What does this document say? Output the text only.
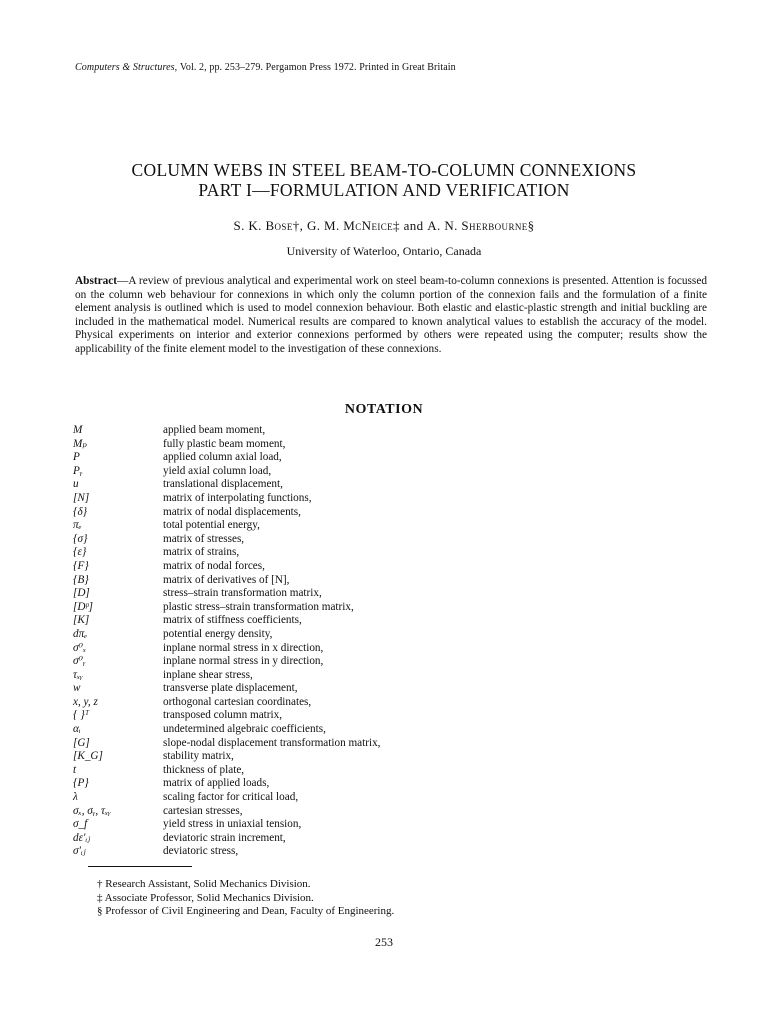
Computers & Structures, Vol. 2, pp. 253–279. Pergamon Press 1972. Printed in Great Britain
COLUMN WEBS IN STEEL BEAM-TO-COLUMN CONNEXIONS
PART I—FORMULATION AND VERIFICATION
S. K. Bose†, G. M. McNeice‡ and A. N. Sherbourne§
University of Waterloo, Ontario, Canada
Abstract—A review of previous analytical and experimental work on steel beam-to-column connexions is presented. Attention is focussed on the column web behaviour for connexions in which only the column portion of the connexion fails and the formulation of a finite element analysis is outlined which is used to model connexion behaviour. Both elastic and elastic-plastic strength and initial buckling are included in the mathematical model. Numerical results are compared to known analytical values to establish the accuracy of the model. Physical experiments on interior and exterior connexions performed by others were repeated using the computer; results show the applicability of the finite element model to the investigation of these connexions.
NOTATION
M	applied beam moment,
Mₚ	fully plastic beam moment,
P	applied column axial load,
Pᵧ	yield axial column load,
u	translational displacement,
[N]	matrix of interpolating functions,
{δ}	matrix of nodal displacements,
πₑ	total potential energy,
{σ}	matrix of stresses,
{ε}	matrix of strains,
{F}	matrix of nodal forces,
{B}	matrix of derivatives of [N],
[D]	stress–strain transformation matrix,
[Dᵖ]	plastic stress–strain transformation matrix,
[K]	matrix of stiffness coefficients,
dπₑ	potential energy density,
σ⁰ₓ	inplane normal stress in x direction,
σ⁰ᵧ	inplane normal stress in y direction,
τₓᵧ	inplane shear stress,
w	transverse plate displacement,
x, y, z	orthogonal cartesian coordinates,
{ }ᵀ	transposed column matrix,
αᵢ	undetermined algebraic coefficients,
[G]	slope-nodal displacement transformation matrix,
[K_G]	stability matrix,
t	thickness of plate,
{P}	matrix of applied loads,
λ	scaling factor for critical load,
σₓ, σᵧ, τₓᵧ	cartesian stresses,
σ_f	yield stress in uniaxial tension,
dε′ᵢⱼ	deviatoric strain increment,
σ′ᵢⱼ	deviatoric stress,
† Research Assistant, Solid Mechanics Division.
‡ Associate Professor, Solid Mechanics Division.
§ Professor of Civil Engineering and Dean, Faculty of Engineering.
253
